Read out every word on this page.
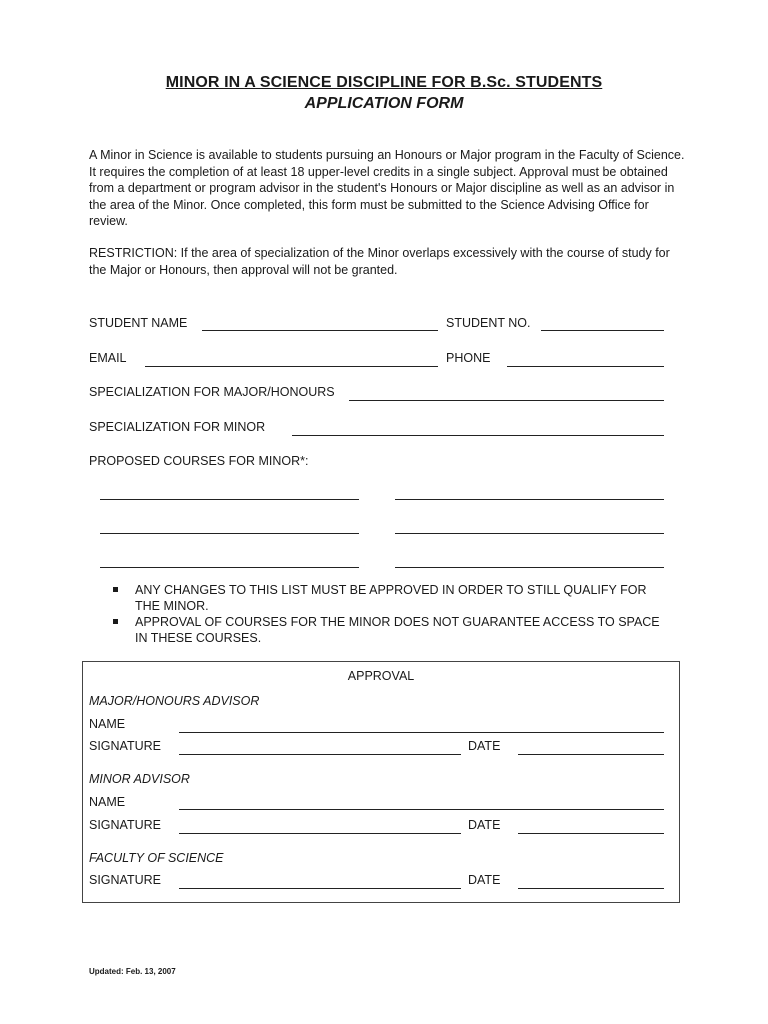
MINOR IN A SCIENCE DISCIPLINE FOR B.Sc. STUDENTS
APPLICATION FORM
A Minor in Science is available to students pursuing an Honours or Major program in the Faculty of Science. It requires the completion of at least 18 upper-level credits in a single subject. Approval must be obtained from a department or program advisor in the student's Honours or Major discipline as well as an advisor in the area of the Minor. Once completed, this form must be submitted to the Science Advising Office for review.
RESTRICTION: If the area of specialization of the Minor overlaps excessively with the course of study for the Major or Honours, then approval will not be granted.
STUDENT NAME	STUDENT NO.
EMAIL	PHONE
SPECIALIZATION FOR MAJOR/HONOURS
SPECIALIZATION FOR MINOR
PROPOSED COURSES FOR MINOR*:
ANY CHANGES TO THIS LIST MUST BE APPROVED IN ORDER TO STILL QUALIFY FOR THE MINOR.
APPROVAL OF COURSES FOR THE MINOR DOES NOT GUARANTEE ACCESS TO SPACE IN THESE COURSES.
APPROVAL
MAJOR/HONOURS ADVISOR
NAME
SIGNATURE	DATE
MINOR ADVISOR
NAME
SIGNATURE	DATE
FACULTY OF SCIENCE
SIGNATURE	DATE
Updated: Feb. 13, 2007
